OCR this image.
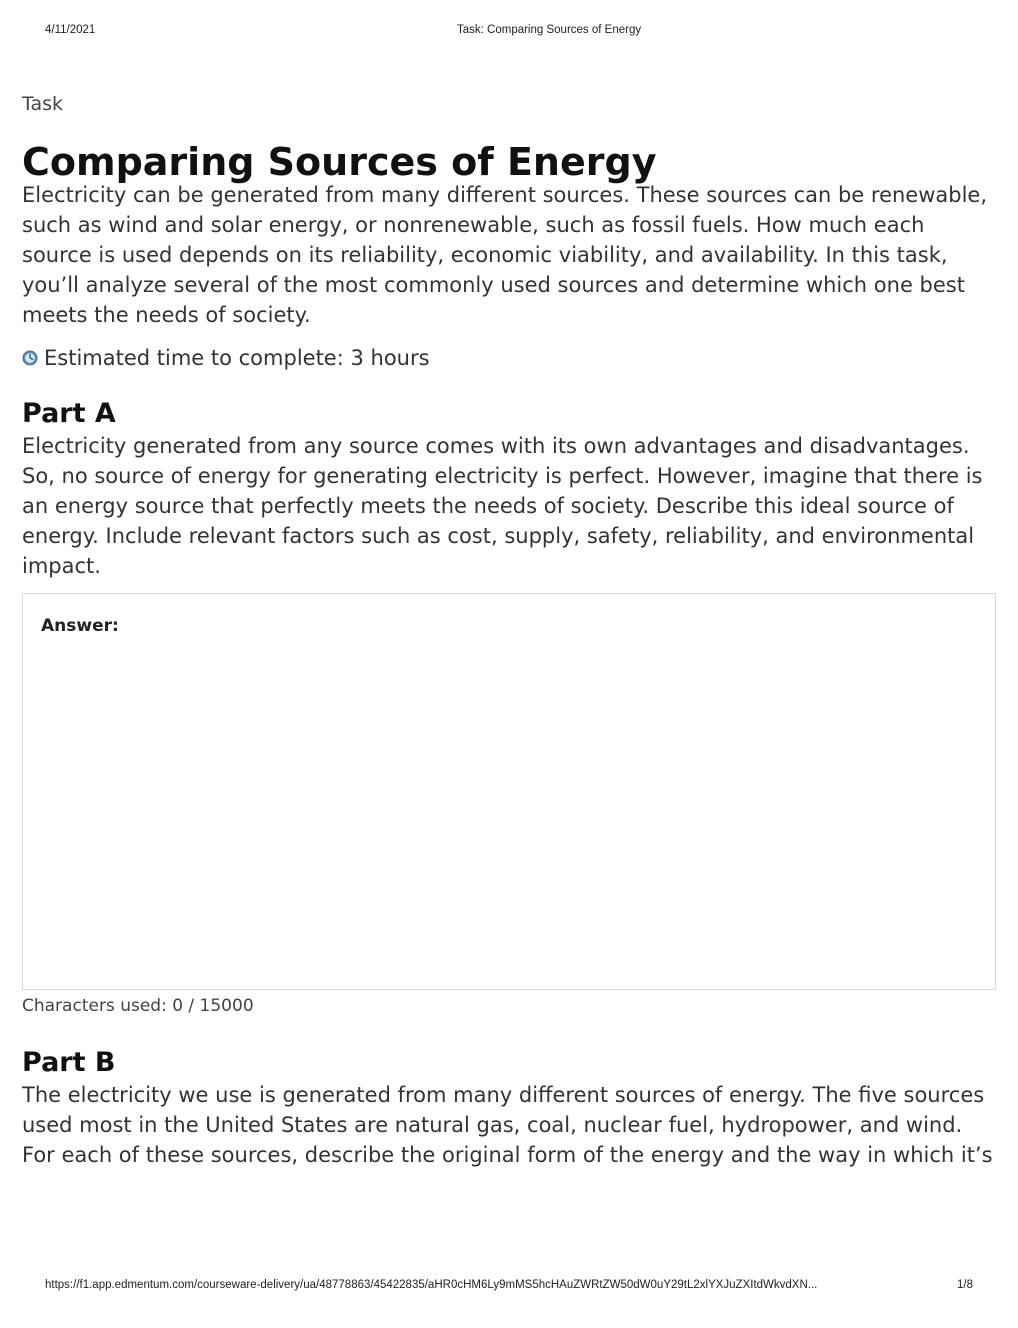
4/11/2021	Task: Comparing Sources of Energy

Task

Comparing Sources of Energy

Electricity can be generated from many different sources. These sources can be renewable, such as wind and solar energy, or nonrenewable, such as fossil fuels. How much each source is used depends on its reliability, economic viability, and availability. In this task, you’ll analyze several of the most commonly used sources and determine which one best meets the needs of society.

Estimated time to complete: 3 hours
Part A

Electricity generated from any source comes with its own advantages and disadvantages. So, no source of energy for generating electricity is perfect. However, imagine that there is an energy source that perfectly meets the needs of society. Describe this ideal source of energy. Include relevant factors such as cost, supply, safety, reliability, and environmental impact.

Answer:
Characters used: 0 / 15000
Part B

The electricity we use is generated from many different sources of energy. The five sources used most in the United States are natural gas, coal, nuclear fuel, hydropower, and wind. For each of these sources, describe the original form of the energy and the way in which it’s

https://f1.app.edmentum.com/courseware-delivery/ua/48778863/45422835/aHR0cHM6Ly9mMS5hcHAuZWRtZW50dW0uY29tL2xlYXJuZXItdWkvdXN...	1/8
